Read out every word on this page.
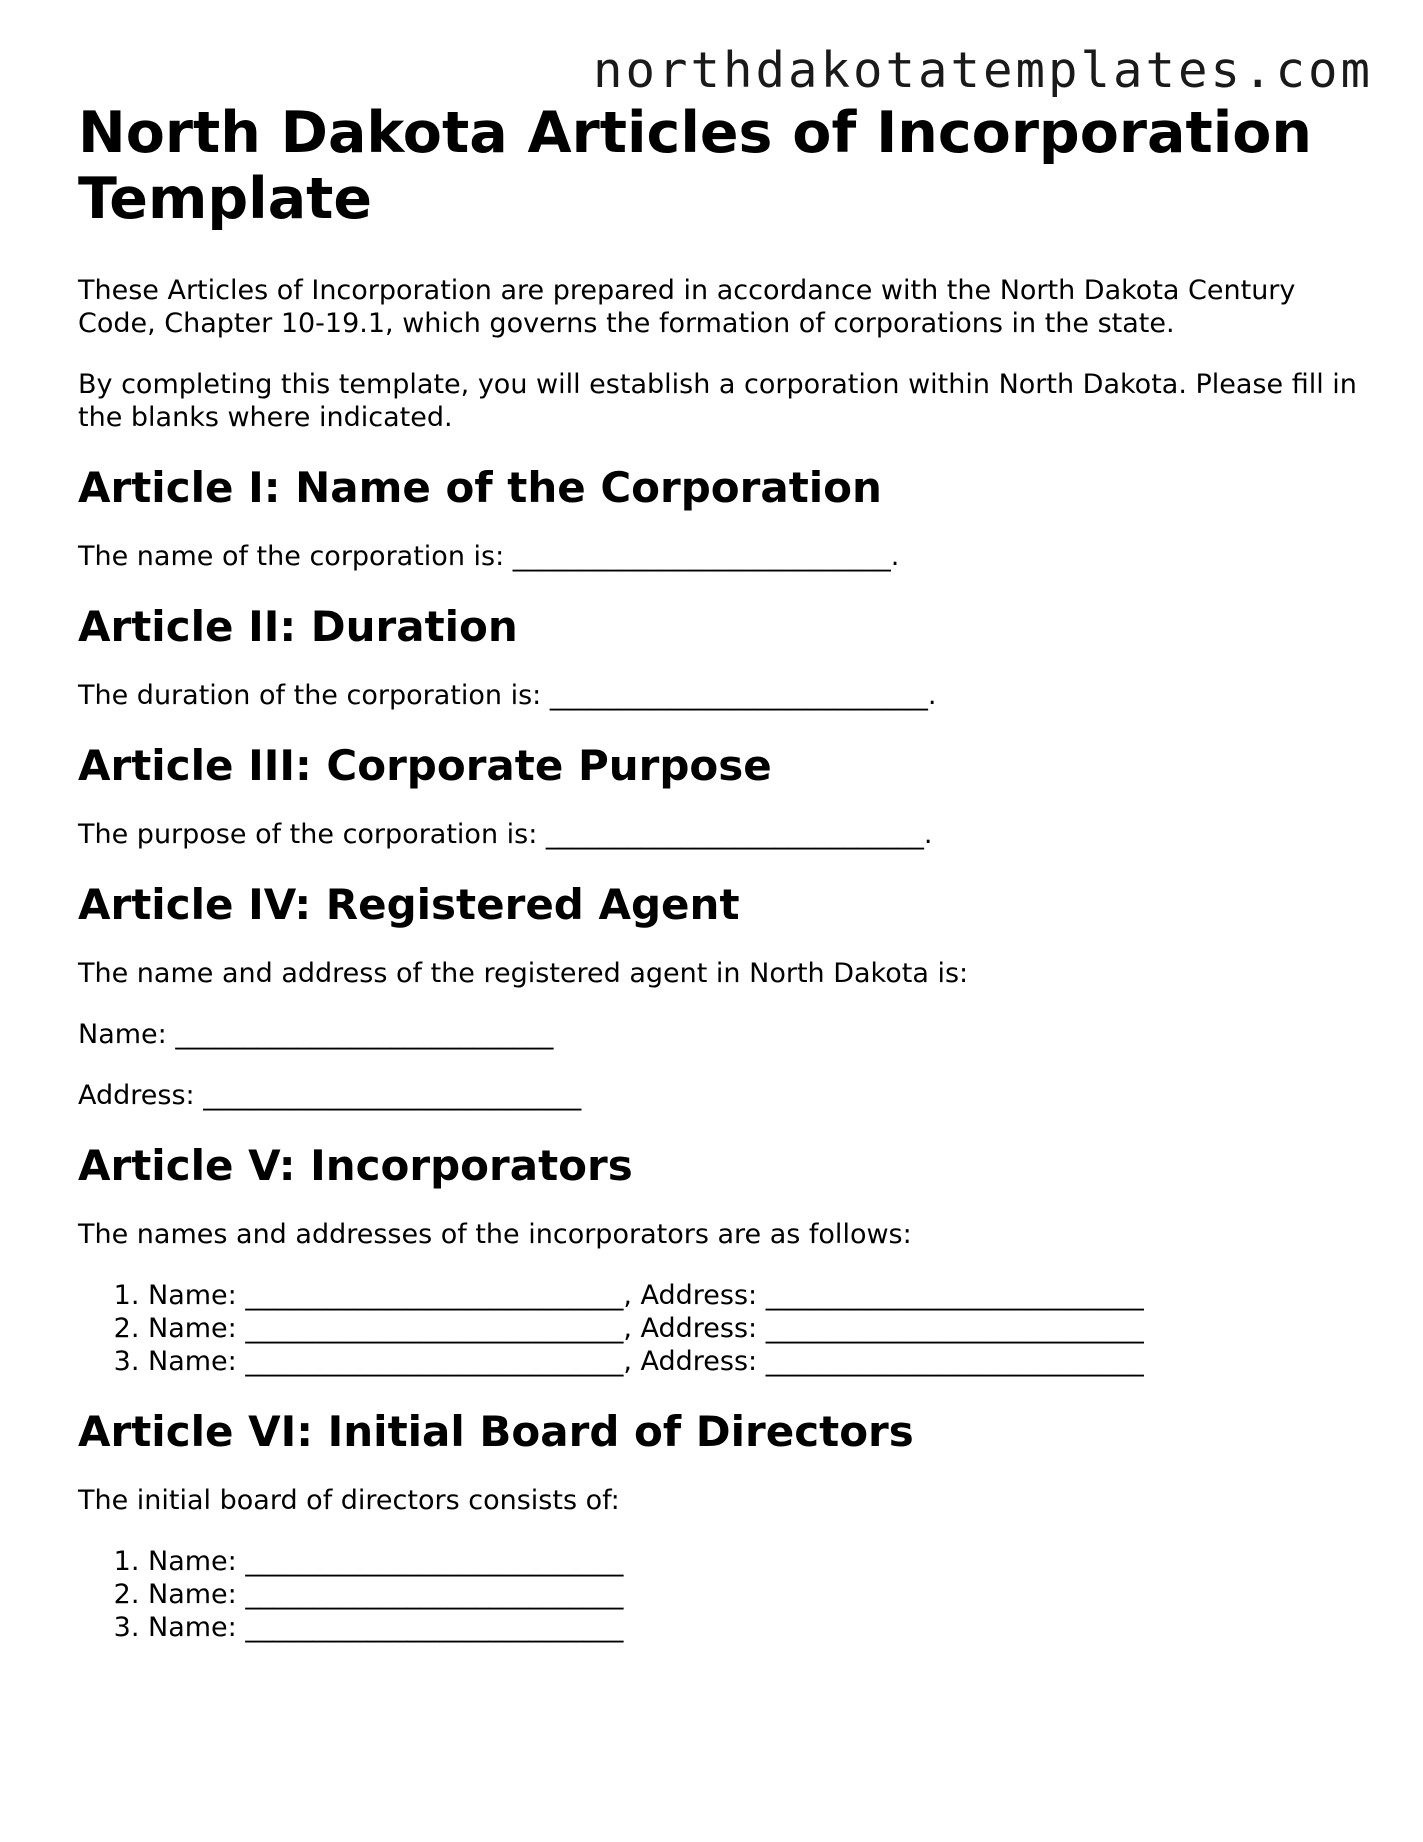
northdakotatemplates.com
North Dakota Articles of Incorporation Template

These Articles of Incorporation are prepared in accordance with the North Dakota Century Code, Chapter 10-19.1, which governs the formation of corporations in the state.

By completing this template, you will establish a corporation within North Dakota. Please fill in the blanks where indicated.

Article I: Name of the Corporation

The name of the corporation is: ____________________________.

Article II: Duration

The duration of the corporation is: ____________________________.

Article III: Corporate Purpose

The purpose of the corporation is: ____________________________.

Article IV: Registered Agent

The name and address of the registered agent in North Dakota is:

Name: ____________________________

Address: ____________________________

Article V: Incorporators

The names and addresses of the incorporators are as follows:

1. Name: ____________________________, Address: ____________________________
2. Name: ____________________________, Address: ____________________________
3. Name: ____________________________, Address: ____________________________
Article VI: Initial Board of Directors

The initial board of directors consists of:

1. Name: ____________________________
2. Name: ____________________________
3. Name: ____________________________
